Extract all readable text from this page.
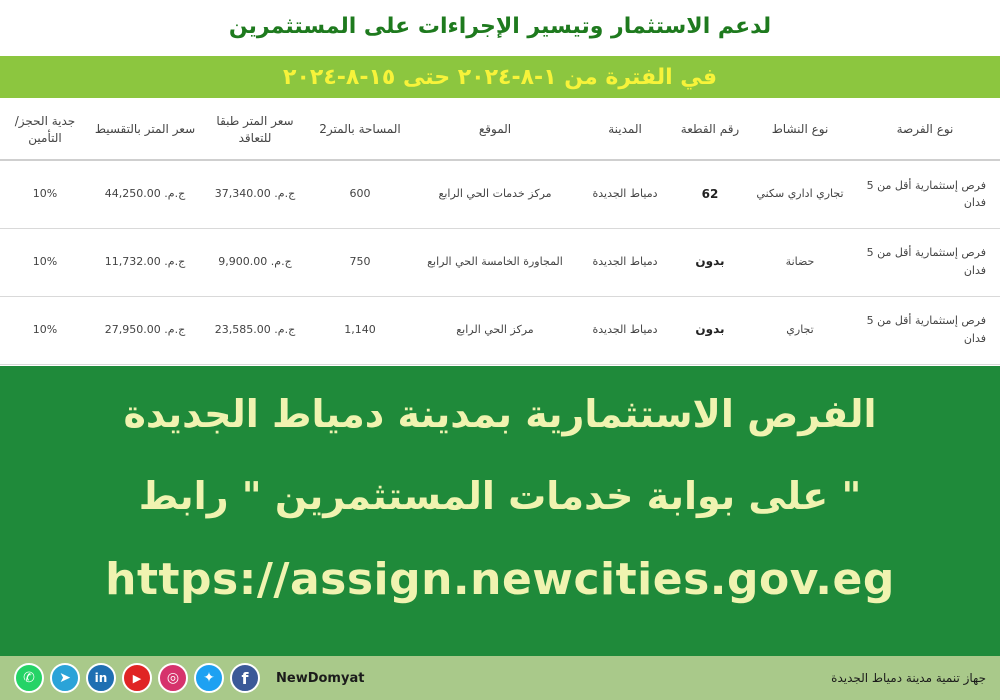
لدعم الاستثمار وتيسير الإجراءات على المستثمرين
في الفترة من ١-٨-٢٠٢٤ حتى ١٥-٨-٢٠٢٤
نوع الفرصة	نوع النشاط	رقم القطعة	المدينة	الموقع	المساحة بالمتر2	سعر المتر طبقا للتعاقد	سعر المتر بالتقسيط	جدية الحجز/ التأمين
فرص إستثمارية أقل من 5 فدان	تجاري اداري سكني	62	دمياط الجديدة	مركز خدمات الحي الرابع	600	ج.م. 37,340.00	ج.م. 44,250.00	10%
فرص إستثمارية أقل من 5 فدان	حضانة	بدون	دمياط الجديدة	المجاورة الخامسة الحي الرابع	750	ج.م. 9,900.00	ج.م. 11,732.00	10%
فرص إستثمارية أقل من 5 فدان	تجاري	بدون	دمياط الجديدة	مركز الحي الرابع	1,140	ج.م. 23,585.00	ج.م. 27,950.00	10%
الفرص الاستثمارية بمدينة دمياط الجديدة
" على بوابة خدمات المستثمرين " رابط
https://assign.newcities.gov.eg
✆	➤	in	▶	◎	✦	f	NewDomyat	جهاز تنمية مدينة دمياط الجديدة
